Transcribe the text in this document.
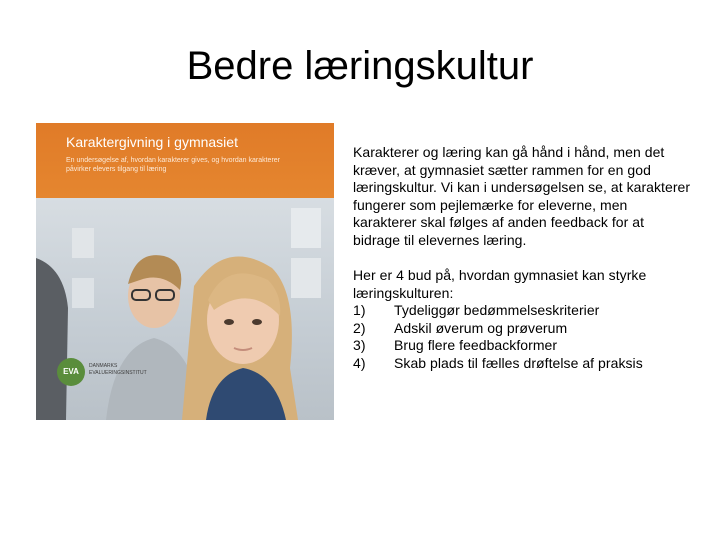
Bedre læringskultur
Karaktergivning i gymnasiet
En undersøgelse af, hvordan karakterer gives, og hvordan karakterer påvirker elevers tilgang til læring
EVA
DANMARKS EVALUERINGSINSTITUT

Karakterer og læring kan gå hånd i hånd, men det kræver, at gymnasiet sætter rammen for en god læringskultur. Vi kan i undersøgelsen se, at karakterer fungerer som pejlemærke for eleverne, men karakterer skal følges af anden feedback for at bidrage til elevernes læring.

Her er 4 bud på, hvordan gymnasiet kan styrke læringskulturen:

1)	Tydeliggør bedømmelseskriterier
2)	Adskil øverum og prøverum
3)	Brug flere feedbackformer
4)	Skab plads til fælles drøftelse af praksis
